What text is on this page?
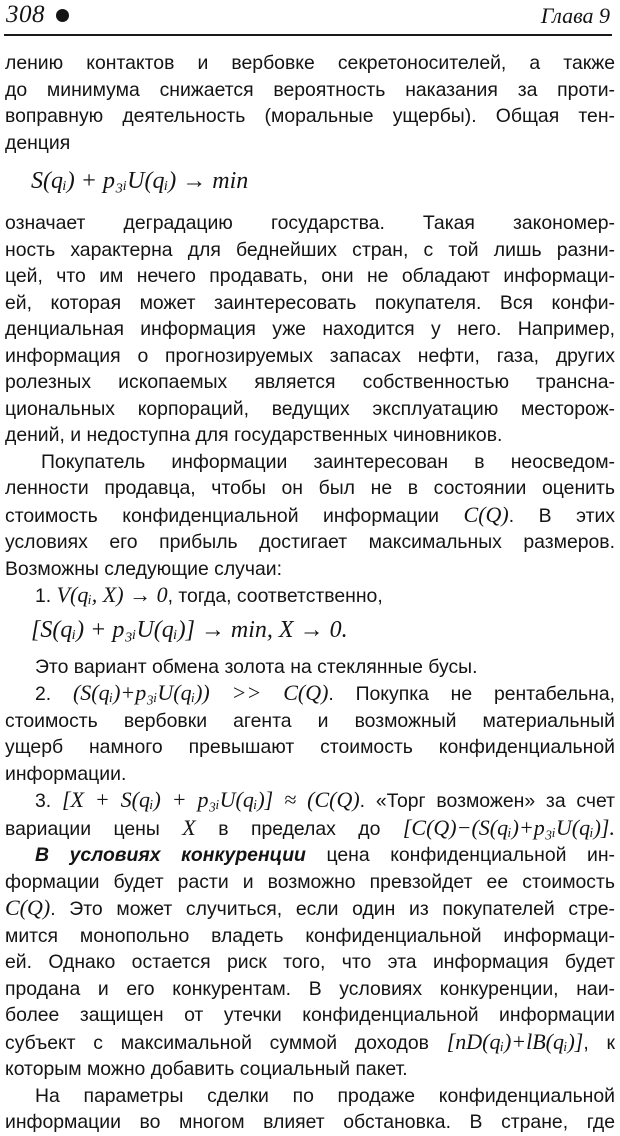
308	Глава 9
лению контактов и вербовке секретоносителей, а также
до минимума снижается вероятность наказания за проти-
воправную деятельность (моральные ущербы). Общая тен-
денция
S(qᵢ) + p₃ᵢU(qᵢ) → min
означает деградацию государства. Такая закономер-
ность характерна для беднейших стран, с той лишь разни-
цей, что им нечего продавать, они не обладают информаци-
ей, которая может заинтересовать покупателя. Вся конфи-
денциальная информация уже находится у него. Например,
информация о прогнозируемых запасах нефти, газа, других
ролезных ископаемых является собственностью трансна-
циональных корпораций, ведущих эксплуатацию месторож-
дений, и недоступна для государственных чиновников.
Покупатель информации заинтересован в неосведом-
ленности продавца, чтобы он был не в состоянии оценить
стоимость конфиденциальной информации C(Q). В этих
условиях его прибыль достигает максимальных размеров.
Возможны следующие случаи:
1. V(qᵢ, X) → 0, тогда, соответственно,
[S(qᵢ) + p₃ᵢU(qᵢ)] → min, X → 0.
Это вариант обмена золота на стеклянные бусы.
2. (S(qᵢ)+p₃ᵢU(qᵢ)) >> C(Q). Покупка не рентабельна,
стоимость вербовки агента и возможный материальный
ущерб намного превышают стоимость конфиденциальной
информации.
3. [X + S(qᵢ) + p₃ᵢU(qᵢ)] ≈ (C(Q). «Торг возможен» за счет
вариации цены X в пределах до [C(Q)−(S(qᵢ)+p₃ᵢU(qᵢ)].
В условиях конкуренции цена конфиденциальной ин-
формации будет расти и возможно превзойдет ее стоимость
C(Q). Это может случиться, если один из покупателей стре-
мится монопольно владеть конфиденциальной информаци-
ей. Однако остается риск того, что эта информация будет
продана и его конкурентам. В условиях конкуренции, наи-
более защищен от утечки конфиденциальной информации
субъект с максимальной суммой доходов [nD(qᵢ)+lB(qᵢ)], к
которым можно добавить социальный пакет.
На параметры сделки по продаже конфиденциальной
информации во многом влияет обстановка. В стране, где
